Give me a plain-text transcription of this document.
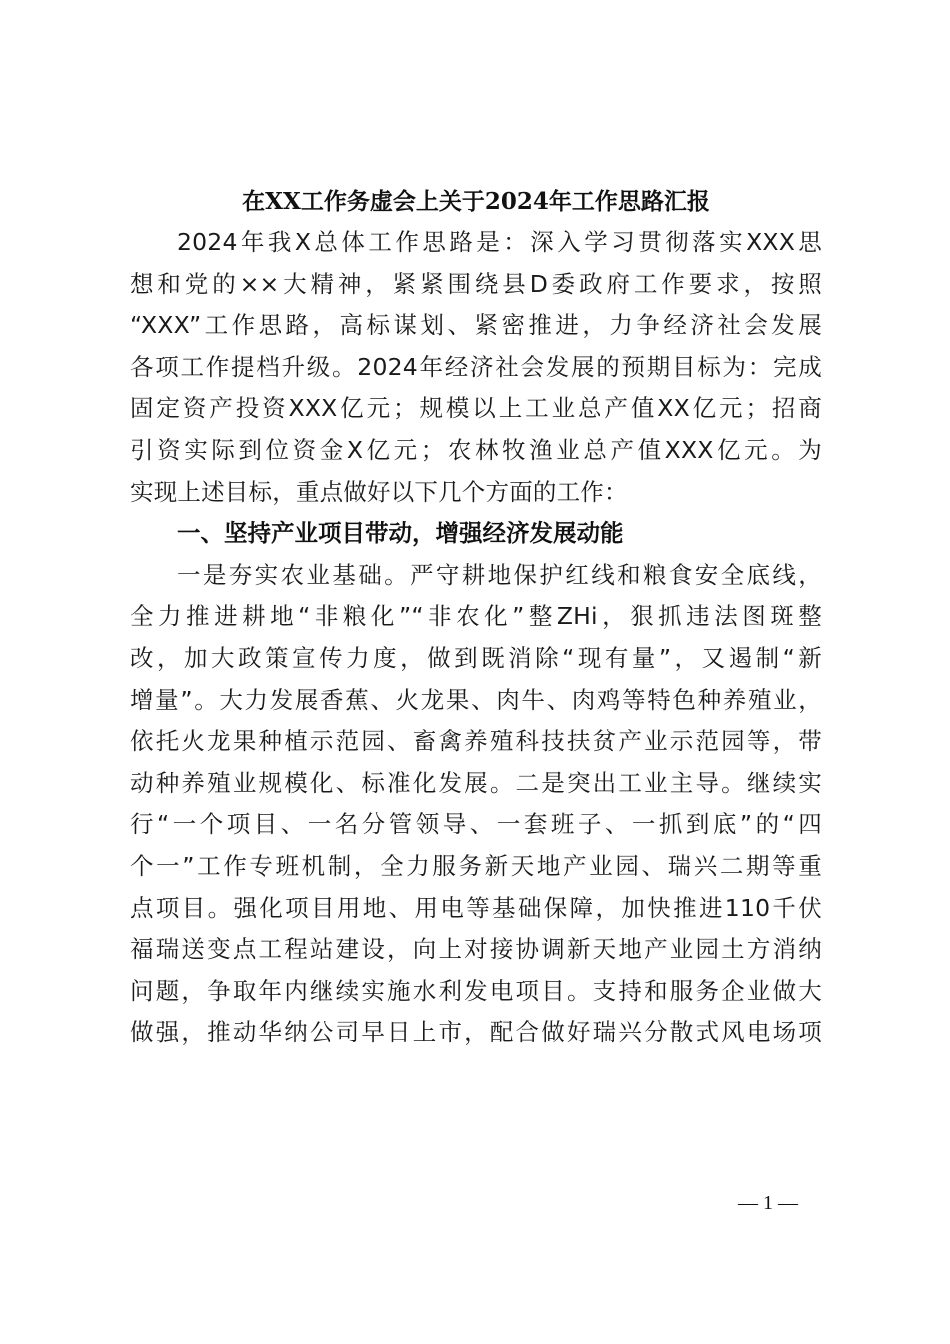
在XX工作务虚会上关于2024年工作思路汇报
2024年我X总体工作思路是：深入学习贯彻落实XXX思
想和党的××大精神，紧紧围绕县D委政府工作要求，按照
“XXX”工作思路，高标谋划、紧密推进，力争经济社会发展
各项工作提档升级。2024年经济社会发展的预期目标为：完成
固定资产投资XXX亿元；规模以上工业总产值XX亿元；招商
引资实际到位资金X亿元；农林牧渔业总产值XXX亿元。为
实现上述目标，重点做好以下几个方面的工作：
一、坚持产业项目带动，增强经济发展动能
一是夯实农业基础。严守耕地保护红线和粮食安全底线，
全力推进耕地“非粮化”“非农化”整ZHi，狠抓违法图斑整
改，加大政策宣传力度，做到既消除“现有量”，又遏制“新
增量”。大力发展香蕉、火龙果、肉牛、肉鸡等特色种养殖业，
依托火龙果种植示范园、畜禽养殖科技扶贫产业示范园等，带
动种养殖业规模化、标准化发展。二是突出工业主导。继续实
行“一个项目、一名分管领导、一套班子、一抓到底”的“四
个一”工作专班机制，全力服务新天地产业园、瑞兴二期等重
点项目。强化项目用地、用电等基础保障，加快推进110千伏
福瑞送变点工程站建设，向上对接协调新天地产业园土方消纳
问题，争取年内继续实施水利发电项目。支持和服务企业做大
做强，推动华纳公司早日上市，配合做好瑞兴分散式风电场项
— 1 —
